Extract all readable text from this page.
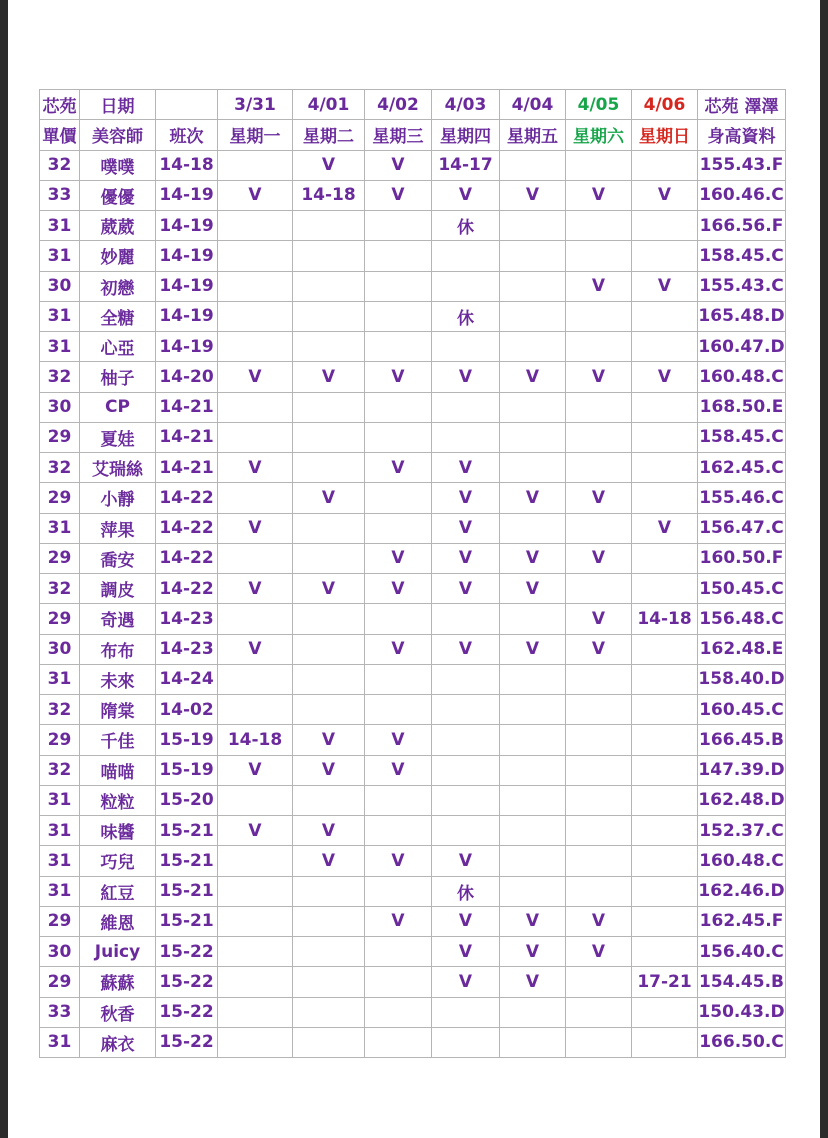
芯苑	日期		3/31	4/01	4/02	4/03	4/04	4/05	4/06	芯苑 澤澤
單價	美容師	班次	星期一	星期二	星期三	星期四	星期五	星期六	星期日	身高資料
32	噗噗	14-18		V	V	14-17				155.43.F
33	優優	14-19	V	14-18	V	V	V	V	V	160.46.C
31	葳葳	14-19				休				166.56.F
31	妙麗	14-19								158.45.C
30	初戀	14-19						V	V	155.43.C
31	全糖	14-19				休				165.48.D
31	心亞	14-19								160.47.D
32	柚子	14-20	V	V	V	V	V	V	V	160.48.C
30	CP	14-21								168.50.E
29	夏娃	14-21								158.45.C
32	艾瑞絲	14-21	V		V	V				162.45.C
29	小靜	14-22		V		V	V	V		155.46.C
31	萍果	14-22	V			V			V	156.47.C
29	喬安	14-22			V	V	V	V		160.50.F
32	調皮	14-22	V	V	V	V	V			150.45.C
29	奇遇	14-23						V	14-18	156.48.C
30	布布	14-23	V		V	V	V	V		162.48.E
31	未來	14-24								158.40.D
32	隋棠	14-02								160.45.C
29	千佳	15-19	14-18	V	V					166.45.B
32	喵喵	15-19	V	V	V					147.39.D
31	粒粒	15-20								162.48.D
31	味醬	15-21	V	V						152.37.C
31	巧兒	15-21		V	V	V				160.48.C
31	紅豆	15-21				休				162.46.D
29	維恩	15-21			V	V	V	V		162.45.F
30	Juicy	15-22				V	V	V		156.40.C
29	蘇蘇	15-22				V	V		17-21	154.45.B
33	秋香	15-22								150.43.D
31	麻衣	15-22								166.50.C
